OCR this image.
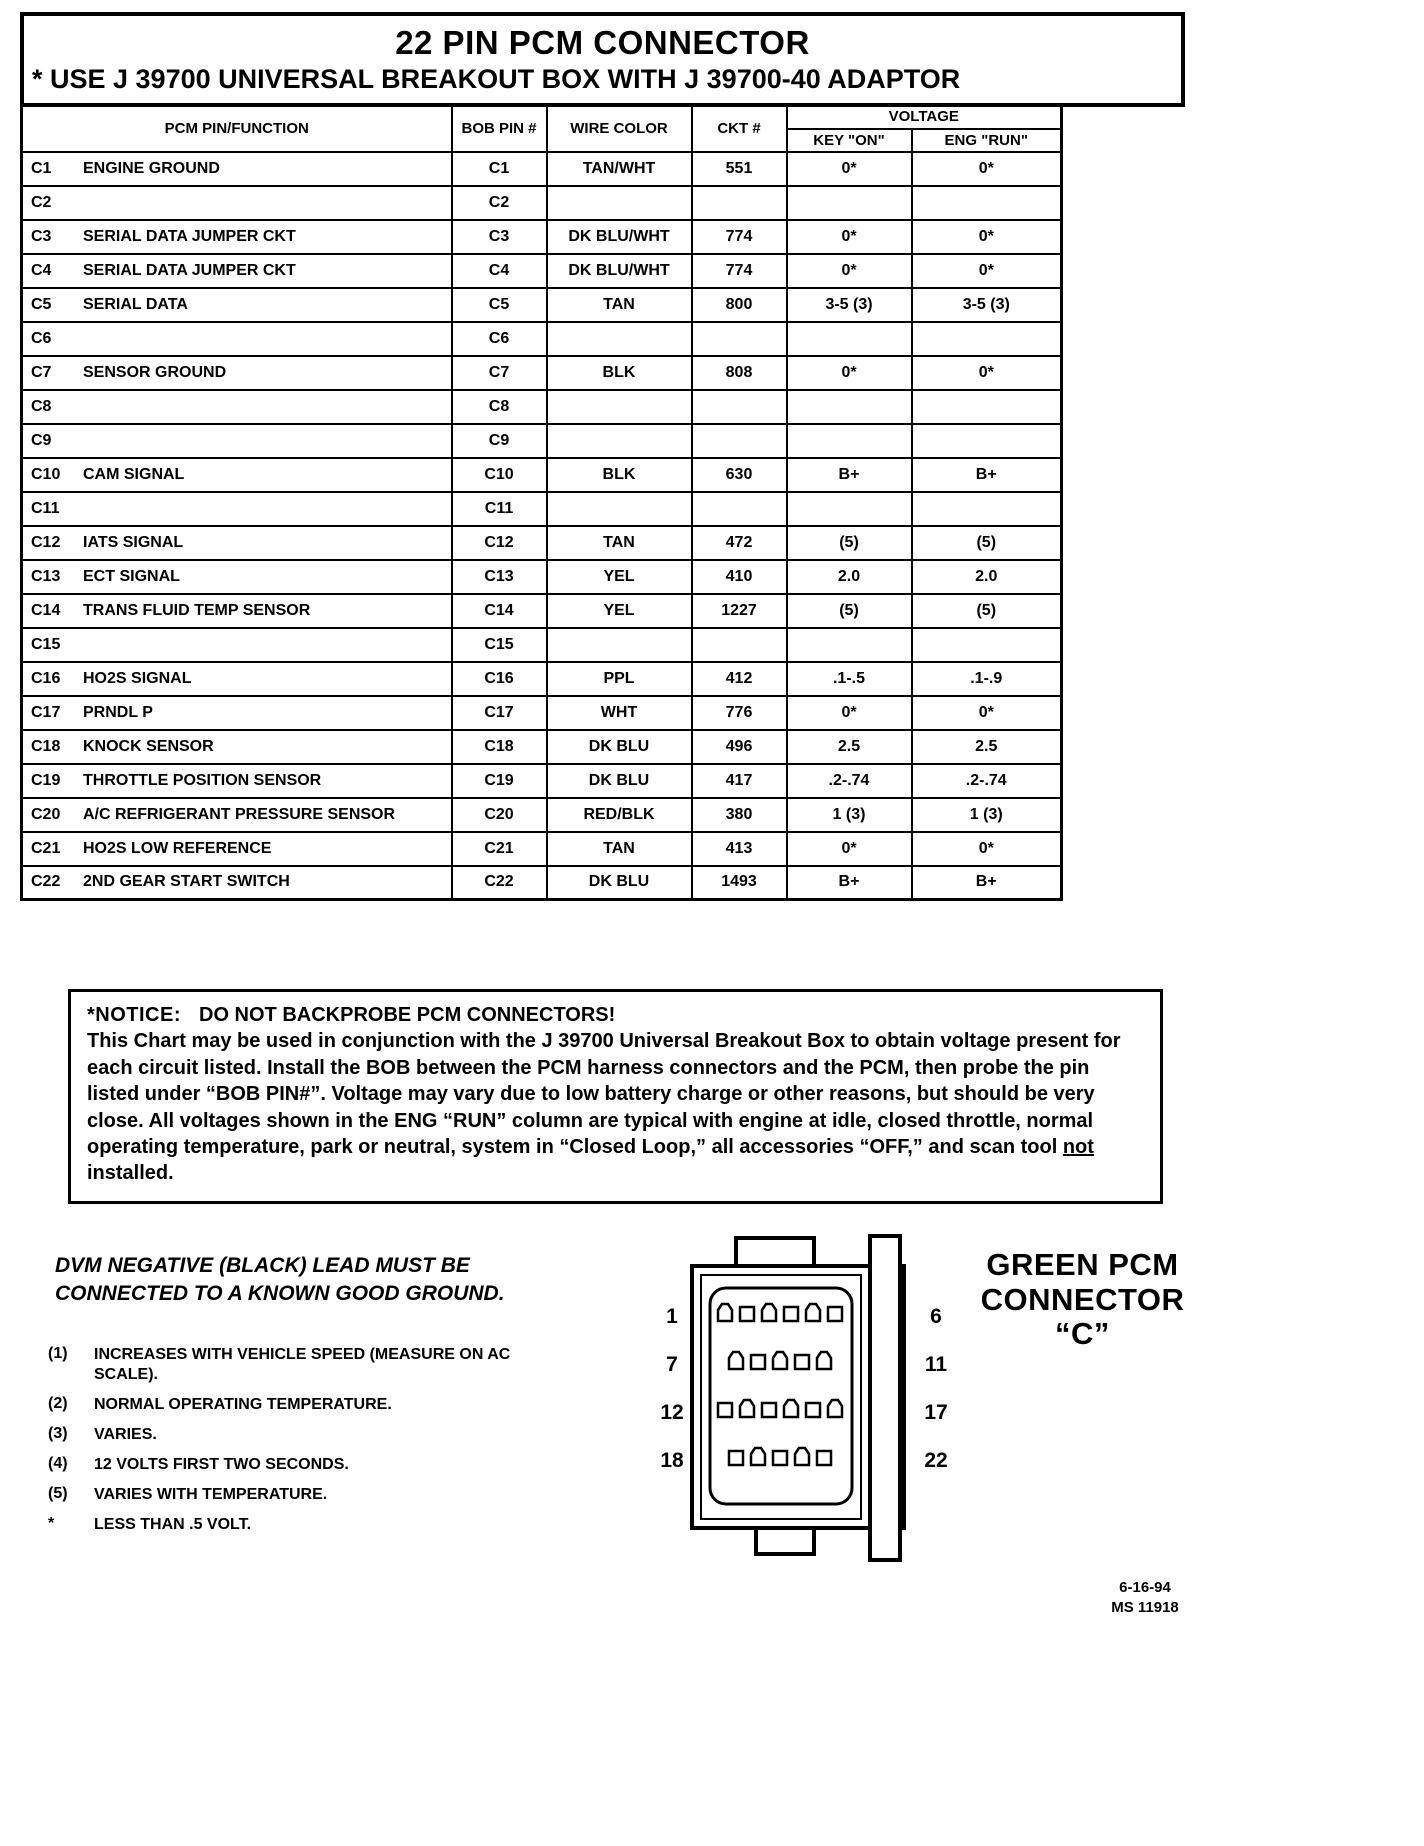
22 PIN PCM CONNECTOR
* USE J 39700 UNIVERSAL BREAKOUT BOX WITH J 39700-40 ADAPTOR
PCM PIN/FUNCTION	BOB PIN #	WIRE COLOR	CKT #	VOLTAGE	
				KEY "ON"	ENG "RUN"
C1 ENGINE GROUND	C1	TAN/WHT	551	0*	0*
C2	C2				
C3 SERIAL DATA JUMPER CKT	C3	DK BLU/WHT	774	0*	0*
C4 SERIAL DATA JUMPER CKT	C4	DK BLU/WHT	774	0*	0*
C5 SERIAL DATA	C5	TAN	800	3-5 (3)	3-5 (3)
C6	C6				
C7 SENSOR GROUND	C7	BLK	808	0*	0*
C8	C8				
C9	C9				
C10 CAM SIGNAL	C10	BLK	630	B+	B+
C11	C11				
C12 IATS SIGNAL	C12	TAN	472	(5)	(5)
C13 ECT SIGNAL	C13	YEL	410	2.0	2.0
C14 TRANS FLUID TEMP SENSOR	C14	YEL	1227	(5)	(5)
C15	C15				
C16 HO2S SIGNAL	C16	PPL	412	.1-.5	.1-.9
C17 PRNDL P	C17	WHT	776	0*	0*
C18 KNOCK SENSOR	C18	DK BLU	496	2.5	2.5
C19 THROTTLE POSITION SENSOR	C19	DK BLU	417	.2-.74	.2-.74
C20 A/C REFRIGERANT PRESSURE SENSOR	C20	RED/BLK	380	1 (3)	1 (3)
C21 HO2S LOW REFERENCE	C21	TAN	413	0*	0*
C22 2ND GEAR START SWITCH	C22	DK BLU	1493	B+	B+

*NOTICE: DO NOT BACKPROBE PCM CONNECTORS!

This Chart may be used in conjunction with the J 39700 Universal Breakout Box to obtain voltage present for each circuit listed. Install the BOB between the PCM harness connectors and the PCM, then probe the pin listed under “BOB PIN#”. Voltage may vary due to low battery charge or other reasons, but should be very close. All voltages shown in the ENG “RUN” column are typical with engine at idle, closed throttle, normal operating temperature, park or neutral, system in “Closed Loop,” all accessories “OFF,” and scan tool not installed.

DVM NEGATIVE (BLACK) LEAD MUST BE CONNECTED TO A KNOWN GOOD GROUND.
(1)	INCREASES WITH VEHICLE SPEED (MEASURE ON AC SCALE).
(2)	NORMAL OPERATING TEMPERATURE.
(3)	VARIES.
(4)	12 VOLTS FIRST TWO SECONDS.
(5)	VARIES WITH TEMPERATURE.
*	LESS THAN .5 VOLT.
1
7
12
18
6
11
17
22
GREEN PCM
CONNECTOR
“C”
6-16-94
MS 11918
